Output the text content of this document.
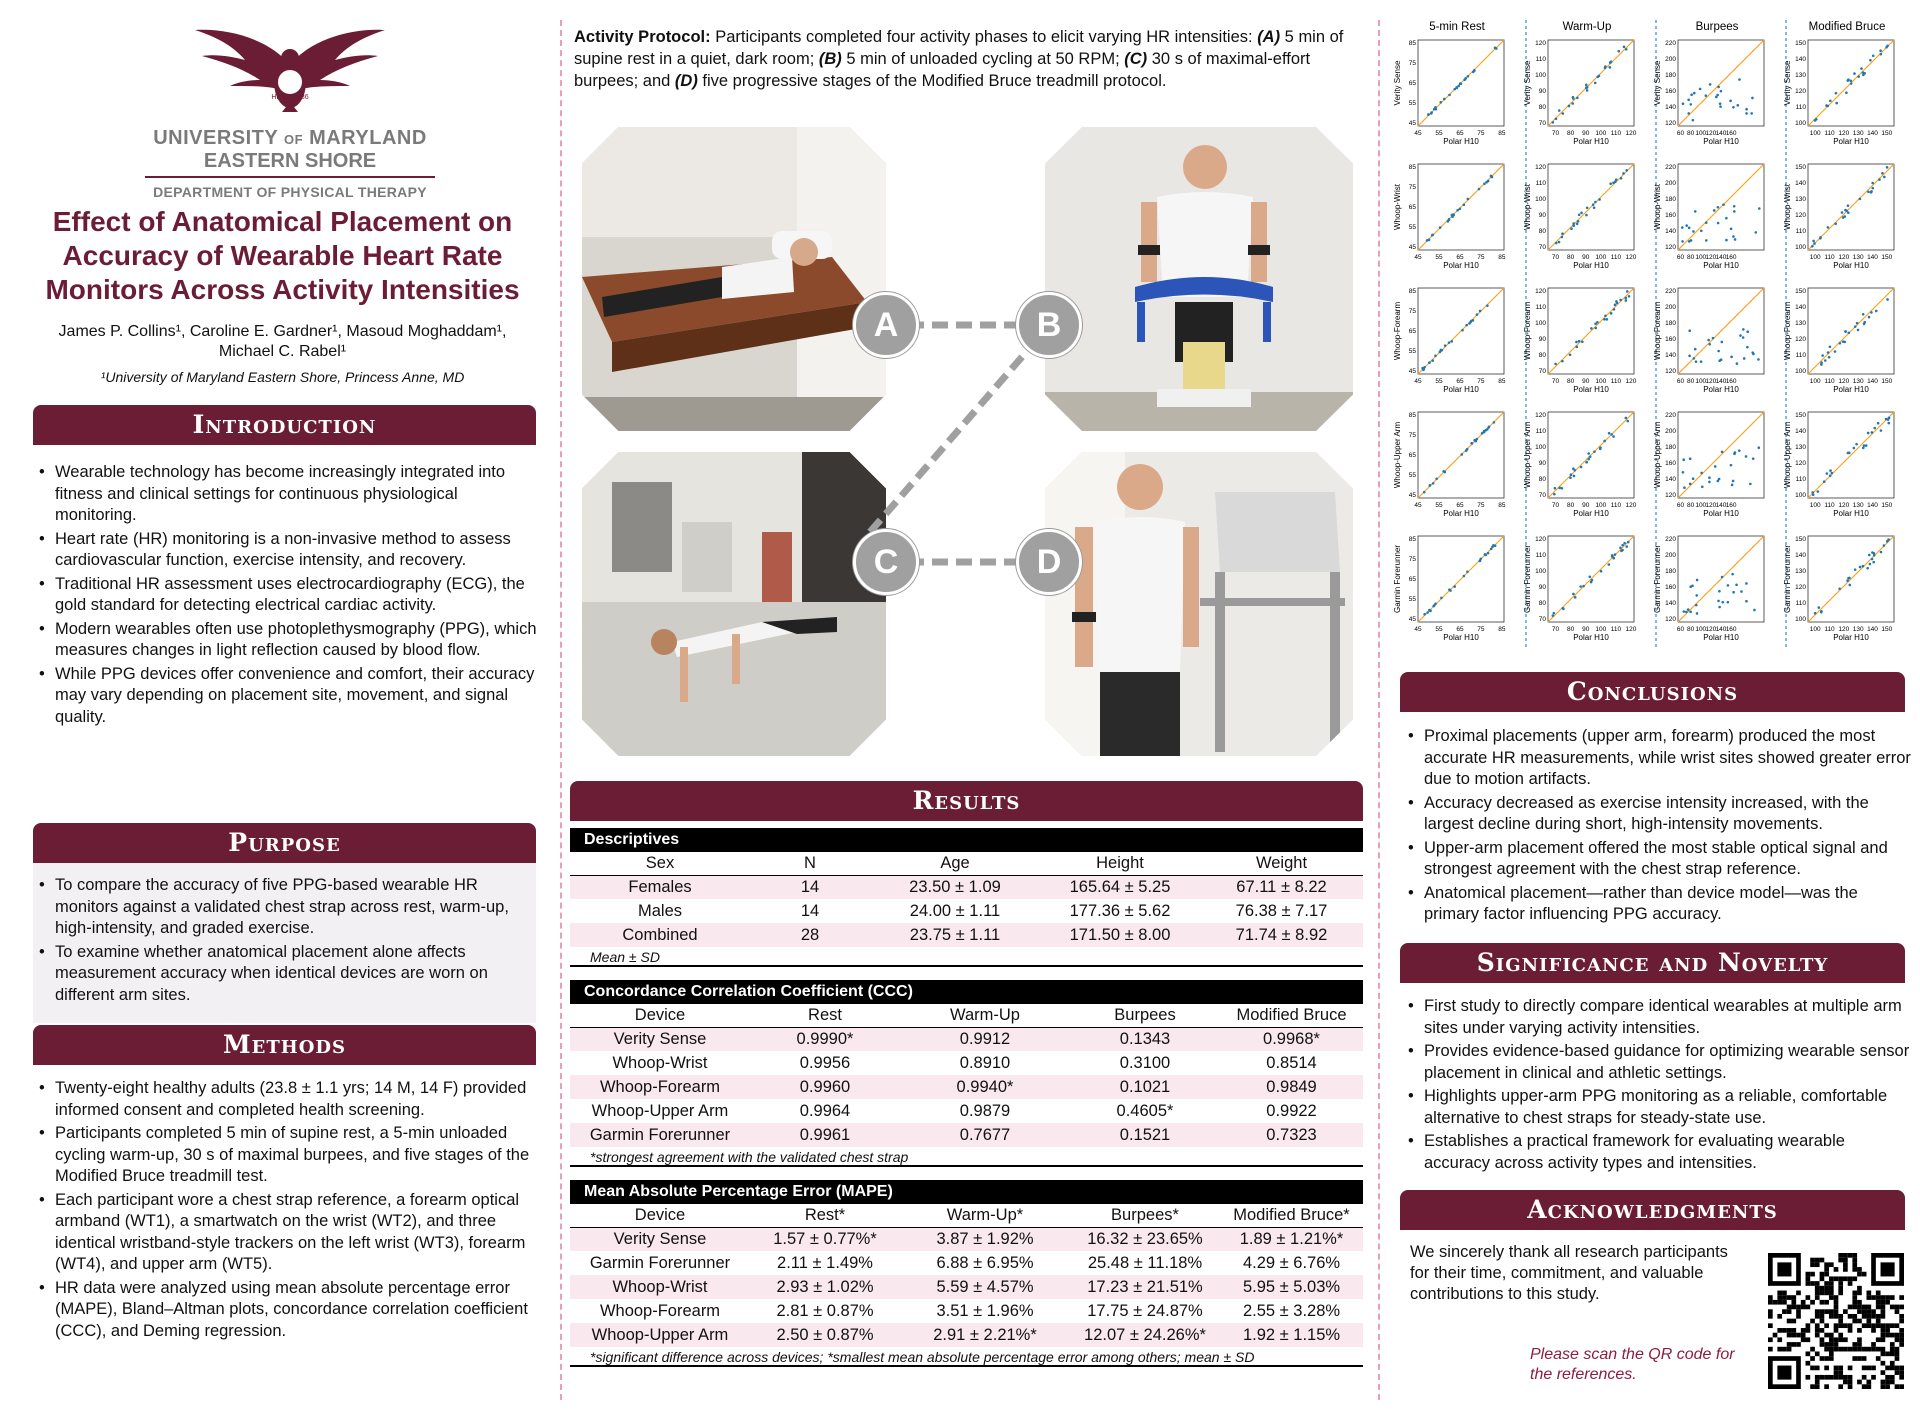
HBCU 1886
UNIVERSITY OF MARYLAND
EASTERN SHORE
DEPARTMENT OF PHYSICAL THERAPY
Effect of Anatomical Placement on Accuracy of Wearable Heart Rate Monitors Across Activity Intensities
James P. Collins¹, Caroline E. Gardner¹, Masoud Moghaddam¹, Michael C. Rabel¹
¹University of Maryland Eastern Shore, Princess Anne, MD
Introduction
• Wearable technology has become increasingly integrated into fitness and clinical settings for continuous physiological monitoring.
• Heart rate (HR) monitoring is a non-invasive method to assess cardiovascular function, exercise intensity, and recovery.
• Traditional HR assessment uses electrocardiography (ECG), the gold standard for detecting electrical cardiac activity.
• Modern wearables often use photoplethysmography (PPG), which measures changes in light reflection caused by blood flow.
• While PPG devices offer convenience and comfort, their accuracy may vary depending on placement site, movement, and signal quality.
Purpose
• To compare the accuracy of five PPG-based wearable HR monitors against a validated chest strap across rest, warm-up, high-intensity, and graded exercise.
• To examine whether anatomical placement alone affects measurement accuracy when identical devices are worn on different arm sites.
Methods
• Twenty-eight healthy adults (23.8 ± 1.1 yrs; 14 M, 14 F) provided informed consent and completed health screening.
• Participants completed 5 min of supine rest, a 5-min unloaded cycling warm-up, 30 s of maximal burpees, and five stages of the Modified Bruce treadmill test.
• Each participant wore a chest strap reference, a forearm optical armband (WT1), a smartwatch on the wrist (WT2), and three identical wristband-style trackers on the left wrist (WT3), forearm (WT4), and upper arm (WT5).
• HR data were analyzed using mean absolute percentage error (MAPE), Bland–Altman plots, concordance correlation coefficient (CCC), and Deming regression.
Activity Protocol: Participants completed four activity phases to elicit varying HR intensities: (A) 5 min of supine rest in a quiet, dark room; (B) 5 min of unloaded cycling at 50 RPM; (C) 30 s of maximal-effort burpees; and (D) five progressive stages of the Modified Bruce treadmill protocol.
A	B
C	D
Results
Descriptives
Sex	N	Age	Height	Weight
Females	14	23.50 ± 1.09	165.64 ± 5.25	67.11 ± 8.22
Males	14	24.00 ± 1.11	177.36 ± 5.62	76.38 ± 7.17
Combined	28	23.75 ± 1.11	171.50 ± 8.00	71.74 ± 8.92
Mean ± SD
Concordance Correlation Coefficient (CCC)
Device	Rest	Warm-Up	Burpees	Modified Bruce
Verity Sense	0.9990*	0.9912	0.1343	0.9968*
Whoop-Wrist	0.9956	0.8910	0.3100	0.8514
Whoop-Forearm	0.9960	0.9940*	0.1021	0.9849
Whoop-Upper Arm	0.9964	0.9879	0.4605*	0.9922
Garmin Forerunner	0.9961	0.7677	0.1521	0.7323
*strongest agreement with the validated chest strap
Mean Absolute Percentage Error (MAPE)
Device	Rest*	Warm-Up*	Burpees*	Modified Bruce*
Verity Sense	1.57 ± 0.77%*	3.87 ± 1.92%	16.32 ± 23.65%	1.89 ± 1.21%*
Garmin Forerunner	2.11 ± 1.49%	6.88 ± 6.95%	25.48 ± 11.18%	4.29 ± 6.76%
Whoop-Wrist	2.93 ± 1.02%	5.59 ± 4.57%	17.23 ± 21.51%	5.95 ± 5.03%
Whoop-Forearm	2.81 ± 0.87%	3.51 ± 1.96%	17.75 ± 24.87%	2.55 ± 3.28%
Whoop-Upper Arm	2.50 ± 0.87%	2.91 ± 2.21%*	12.07 ± 24.26%*	1.92 ± 1.15%
*significant difference across devices; *smallest mean absolute percentage error among others; mean ± SD
5-min Rest	Warm-Up	Burpees	Modified Bruce
45 55 65 75 85
45
55
65
75
85
Polar H10
Verity Sense
70 80 90 100 110 120
70
80
90
100
110
120
Polar H10
Verity Sense
60 80 100 120 140 160
120
140
160
180
200
220
Polar H10
Verity Sense
100 110 120 130 140 150
100
110
120
130
140
150
Polar H10
Verity Sense
45 55 65 75 85
45
55
65
75
85
Polar H10
Whoop-Wrist
70 80 90 100 110 120
70
80
90
100
110
120
Polar H10
Whoop-Wrist
60 80 100 120 140 160
120
140
160
180
200
220
Polar H10
Whoop-Wrist
100 110 120 130 140 150
100
110
120
130
140
150
Polar H10
Whoop-Wrist
45 55 65 75 85
45
55
65
75
85
Polar H10
Whoop-Forearm
70 80 90 100 110 120
70
80
90
100
110
120
Polar H10
Whoop-Forearm
60 80 100 120 140 160
120
140
160
180
200
220
Polar H10
Whoop-Forearm
100 110 120 130 140 150
100
110
120
130
140
150
Polar H10
Whoop-Forearm
45 55 65 75 85
45
55
65
75
85
Polar H10
Whoop-Upper Arm
70 80 90 100 110 120
70
80
90
100
110
120
Polar H10
Whoop-Upper Arm
60 80 100 120 140 160
120
140
160
180
200
220
Polar H10
Whoop-Upper Arm
100 110 120 130 140 150
100
110
120
130
140
150
Polar H10
Whoop-Upper Arm
45 55 65 75 85
45
55
65
75
85
Polar H10
Garmin Forerunner
70 80 90 100 110 120
70
80
90
100
110
120
Polar H10
Garmin Forerunner
60 80 100 120 140 160
120
140
160
180
200
220
Polar H10
Garmin Forerunner
100 110 120 130 140 150
100
110
120
130
140
150
Polar H10
Garmin Forerunner
Conclusions
• Proximal placements (upper arm, forearm) produced the most accurate HR measurements, while wrist sites showed greater error due to motion artifacts.
• Accuracy decreased as exercise intensity increased, with the largest decline during short, high-intensity movements.
• Upper-arm placement offered the most stable optical signal and strongest agreement with the chest strap reference.
• Anatomical placement—rather than device model—was the primary factor influencing PPG accuracy.
Significance and Novelty
• First study to directly compare identical wearables at multiple arm sites under varying activity intensities.
• Provides evidence-based guidance for optimizing wearable sensor placement in clinical and athletic settings.
• Highlights upper-arm PPG monitoring as a reliable, comfortable alternative to chest straps for steady-state use.
• Establishes a practical framework for evaluating wearable accuracy across activity types and intensities.
Acknowledgments
We sincerely thank all research participants for their time, commitment, and valuable contributions to this study.
Please scan the QR code for the references.
